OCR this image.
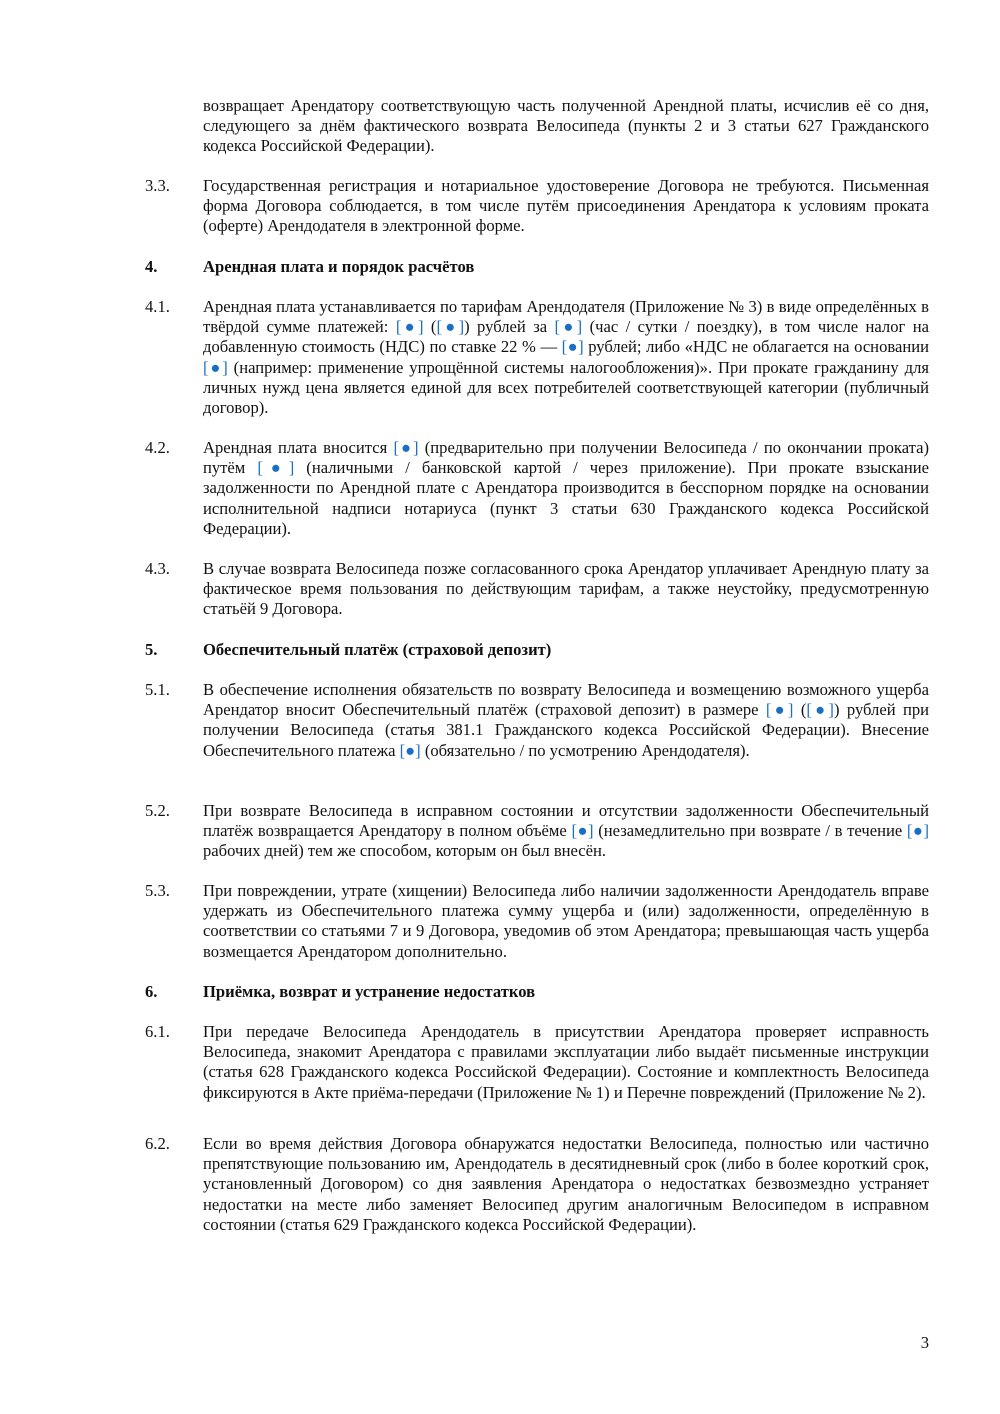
возвращает Арендатору соответствующую часть полученной Арендной платы, исчислив её со дня, следующего за днём фактического возврата Велосипеда (пункты 2 и 3 статьи 627 Гражданского кодекса Российской Федерации).
3.3.	Государственная регистрация и нотариальное удостоверение Договора не требуются. Письменная форма Договора соблюдается, в том числе путём присоединения Арендатора к условиям проката (оферте) Арендодателя в электронной форме.
4.	Арендная плата и порядок расчётов
4.1.	Арендная плата устанавливается по тарифам Арендодателя (Приложение № 3) в виде определённых в твёрдой сумме платежей: [●] ([●]) рублей за [●] (час / сутки / поездку), в том числе налог на добавленную стоимость (НДС) по ставке 22 % — [●] рублей; либо «НДС не облагается на основании [●] (например: применение упрощённой системы налогообложения)». При прокате гражданину для личных нужд цена является единой для всех потребителей соответствующей категории (публичный договор).
4.2.	Арендная плата вносится [●] (предварительно при получении Велосипеда / по окончании проката) путём [●] (наличными / банковской картой / через приложение). При прокате взыскание задолженности по Арендной плате с Арендатора производится в бесспорном порядке на основании исполнительной надписи нотариуса (пункт 3 статьи 630 Гражданского кодекса Российской Федерации).
4.3.	В случае возврата Велосипеда позже согласованного срока Арендатор уплачивает Арендную плату за фактическое время пользования по действующим тарифам, а также неустойку, предусмотренную статьёй 9 Договора.
5.	Обеспечительный платёж (страховой депозит)
5.1.	В обеспечение исполнения обязательств по возврату Велосипеда и возмещению возможного ущерба Арендатор вносит Обеспечительный платёж (страховой депозит) в размере [●] ([●]) рублей при получении Велосипеда (статья 381.1 Гражданского кодекса Российской Федерации). Внесение Обеспечительного платежа [●] (обязательно / по усмотрению Арендодателя).
5.2.	При возврате Велосипеда в исправном состоянии и отсутствии задолженности Обеспечительный платёж возвращается Арендатору в полном объёме [●] (незамедлительно при возврате / в течение [●] рабочих дней) тем же способом, которым он был внесён.
5.3.	При повреждении, утрате (хищении) Велосипеда либо наличии задолженности Арендодатель вправе удержать из Обеспечительного платежа сумму ущерба и (или) задолженности, определённую в соответствии со статьями 7 и 9 Договора, уведомив об этом Арендатора; превышающая часть ущерба возмещается Арендатором дополнительно.
6.	Приёмка, возврат и устранение недостатков
6.1.	При передаче Велосипеда Арендодатель в присутствии Арендатора проверяет исправность Велосипеда, знакомит Арендатора с правилами эксплуатации либо выдаёт письменные инструкции (статья 628 Гражданского кодекса Российской Федерации). Состояние и комплектность Велосипеда фиксируются в Акте приёма-передачи (Приложение № 1) и Перечне повреждений (Приложение № 2).
6.2.	Если во время действия Договора обнаружатся недостатки Велосипеда, полностью или частично препятствующие пользованию им, Арендодатель в десятидневный срок (либо в более короткий срок, установленный Договором) со дня заявления Арендатора о недостатках безвозмездно устраняет недостатки на месте либо заменяет Велосипед другим аналогичным Велосипедом в исправном состоянии (статья 629 Гражданского кодекса Российской Федерации).
3
